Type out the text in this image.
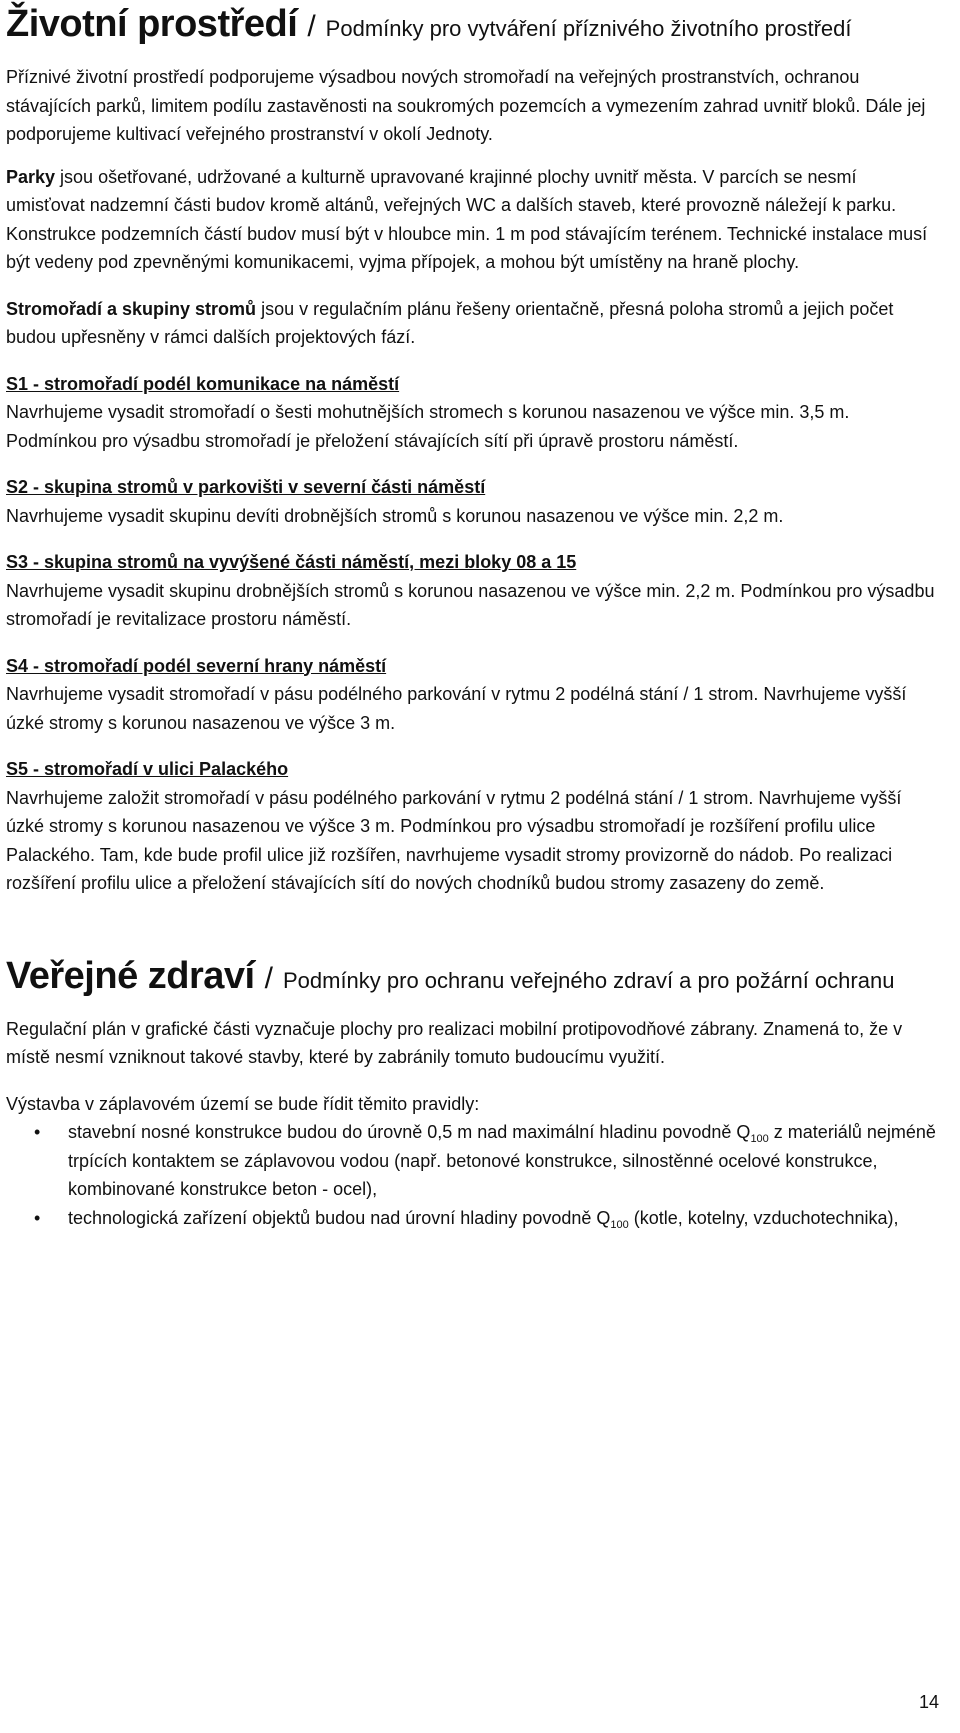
Životní prostředí / Podmínky pro vytváření příznivého životního prostředí

Příznivé životní prostředí podporujeme výsadbou nových stromořadí na veřejných prostranstvích, ochranou stávajících parků, limitem podílu zastavěnosti na soukromých pozemcích a vymezením zahrad uvnitř bloků. Dále jej podporujeme kultivací veřejného prostranství v okolí Jednoty.

Parky jsou ošetřované, udržované a kulturně upravované krajinné plochy uvnitř města. V parcích se nesmí umisťovat nadzemní části budov kromě altánů, veřejných WC a dalších staveb, které provozně náležejí k parku. Konstrukce podzemních částí budov musí být v hloubce min. 1 m pod stávajícím terénem. Technické instalace musí být vedeny pod zpevněnými komunikacemi, vyjma přípojek, a mohou být umístěny na hraně plochy.

Stromořadí a skupiny stromů jsou v regulačním plánu řešeny orientačně, přesná poloha stromů a jejich počet budou upřesněny v rámci dalších projektových fází.

S1 - stromořadí podél komunikace na náměstí

Navrhujeme vysadit stromořadí o šesti mohutnějších stromech s korunou nasazenou ve výšce min. 3,5 m. Podmínkou pro výsadbu stromořadí je přeložení stávajících sítí při úpravě prostoru náměstí.

S2 - skupina stromů v parkovišti v severní části náměstí

Navrhujeme vysadit skupinu devíti drobnějších stromů s korunou nasazenou ve výšce min. 2,2 m.

S3 - skupina stromů na vyvýšené části náměstí, mezi bloky 08 a 15

Navrhujeme vysadit skupinu drobnějších stromů s korunou nasazenou ve výšce min. 2,2 m. Podmínkou pro výsadbu stromořadí je revitalizace prostoru náměstí.

S4 - stromořadí podél severní hrany náměstí

Navrhujeme vysadit stromořadí v pásu podélného parkování v rytmu 2 podélná stání / 1 strom. Navrhujeme vyšší úzké stromy s korunou nasazenou ve výšce 3 m.

S5 - stromořadí v ulici Palackého

Navrhujeme založit stromořadí v pásu podélného parkování v rytmu 2 podélná stání / 1 strom. Navrhujeme vyšší úzké stromy s korunou nasazenou ve výšce 3 m. Podmínkou pro výsadbu stromořadí je rozšíření profilu ulice Palackého. Tam, kde bude profil ulice již rozšířen, navrhujeme vysadit stromy provizorně do nádob. Po realizaci rozšíření profilu ulice a přeložení stávajících sítí do nových chodníků budou stromy zasazeny do země.

Veřejné zdraví / Podmínky pro ochranu veřejného zdraví a pro požární ochranu

Regulační plán v grafické části vyznačuje plochy pro realizaci mobilní protipovodňové zábrany. Znamená to, že v místě nesmí vzniknout takové stavby, které by zabránily tomuto budoucímu využití.

Výstavba v záplavovém území se bude řídit těmito pravidly:

• stavební nosné konstrukce budou do úrovně 0,5 m nad maximální hladinu povodně $Q_{100}$ z materiálů nejméně trpících kontaktem se záplavovou vodou (např. betonové konstrukce, silnostěnné ocelové konstrukce, kombinované konstrukce beton - ocel),
• technologická zařízení objektů budou nad úrovní hladiny povodně $Q_{100}$ (kotle, kotelny, vzduchotechnika),
14
